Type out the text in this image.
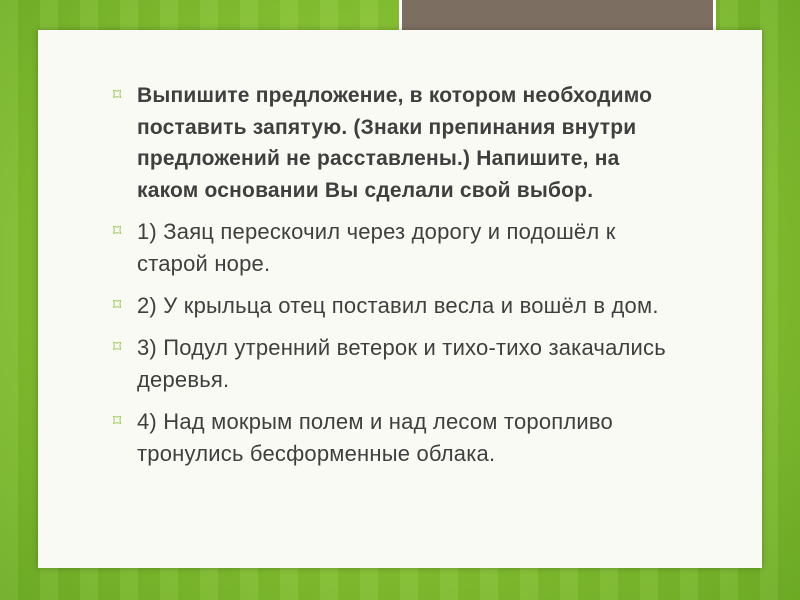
⌑ Выпишите предложение, в котором необходимо поставить запятую. (Знаки препинания внутри предложений не расставлены.) Напишите, на каком основании Вы сделали свой выбор.
⌑ 1) Заяц перескочил через дорогу и подошёл к старой норе.
⌑ 2) У крыльца отец поставил весла и вошёл в дом.
⌑ 3) Подул утренний ветерок и тихо-тихо закачались деревья.
⌑ 4) Над мокрым полем и над лесом торопливо тронулись бесформенные облака.
